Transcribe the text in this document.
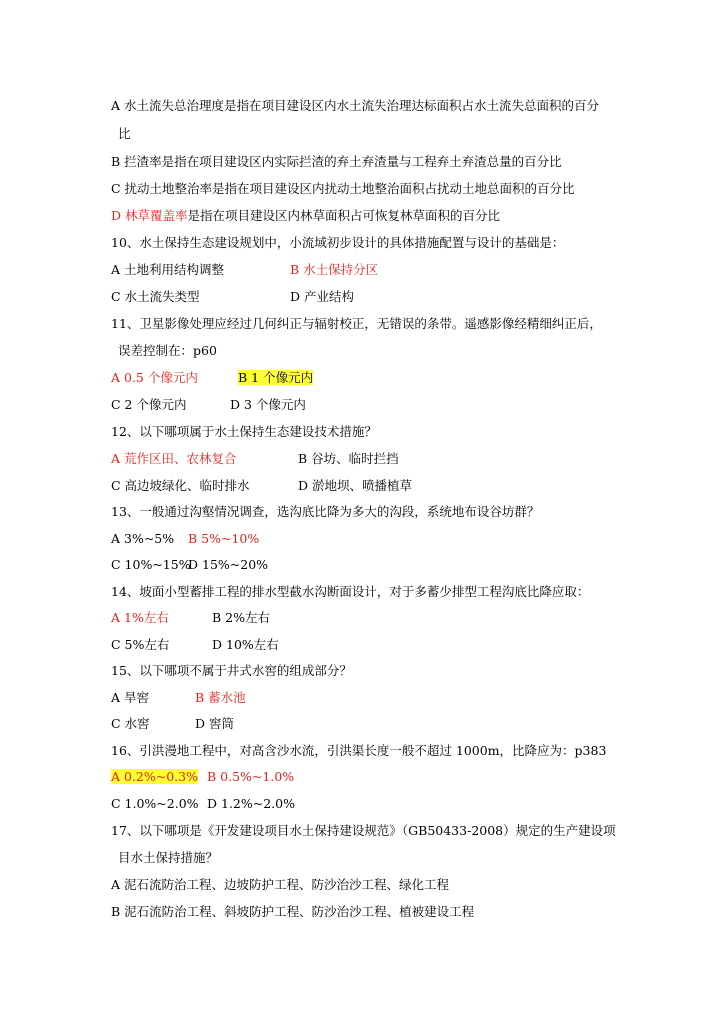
A 水土流失总治理度是指在项目建设区内水土流失治理达标面积占水土流失总面积的百分
比
B 拦渣率是指在项目建设区内实际拦渣的弃土弃渣量与工程弃土弃渣总量的百分比
C 扰动土地整治率是指在项目建设区内扰动土地整治面积占扰动土地总面积的百分比
D 林草覆盖率是指在项目建设区内林草面积占可恢复林草面积的百分比
10、水土保持生态建设规划中，小流域初步设计的具体措施配置与设计的基础是：
A 土地利用结构调整	B 水土保持分区
C 水土流失类型	D 产业结构
11、卫星影像处理应经过几何纠正与辐射校正，无错误的条带。遥感影像经精细纠正后，
误差控制在：p60
A 0.5 个像元内	B 1 个像元内
C 2 个像元内	D 3 个像元内
12、以下哪项属于水土保持生态建设技术措施？
A 荒作区田、农林复合	B 谷坊、临时拦挡
C 高边坡绿化、临时排水	D 淤地坝、喷播植草
13、一般通过沟壑情况调查，选沟底比降为多大的沟段，系统地布设谷坊群？
A 3%~5% B 5%~10%
C 10%~15%
D 15%~20%
14、坡面小型蓄排工程的排水型截水沟断面设计，对于多蓄少排型工程沟底比降应取：
A 1%左右	B 2%左右
C 5%左右	D 10%左右
15、以下哪项不属于井式水窖的组成部分？
A 旱窖	B 蓄水池
C 水窖	D 窖筒
16、引洪漫地工程中，对高含沙水流，引洪渠长度一般不超过 1000m，比降应为：p383
A 0.2%~0.3% B 0.5%~1.0%
C 1.0%~2.0% D 1.2%~2.0%
17、以下哪项是《开发建设项目水土保持建设规范》（GB50433-2008）规定的生产建设项
目水土保持措施？
A 泥石流防治工程、边坡防护工程、防沙治沙工程、绿化工程
B 泥石流防治工程、斜坡防护工程、防沙治沙工程、植被建设工程
